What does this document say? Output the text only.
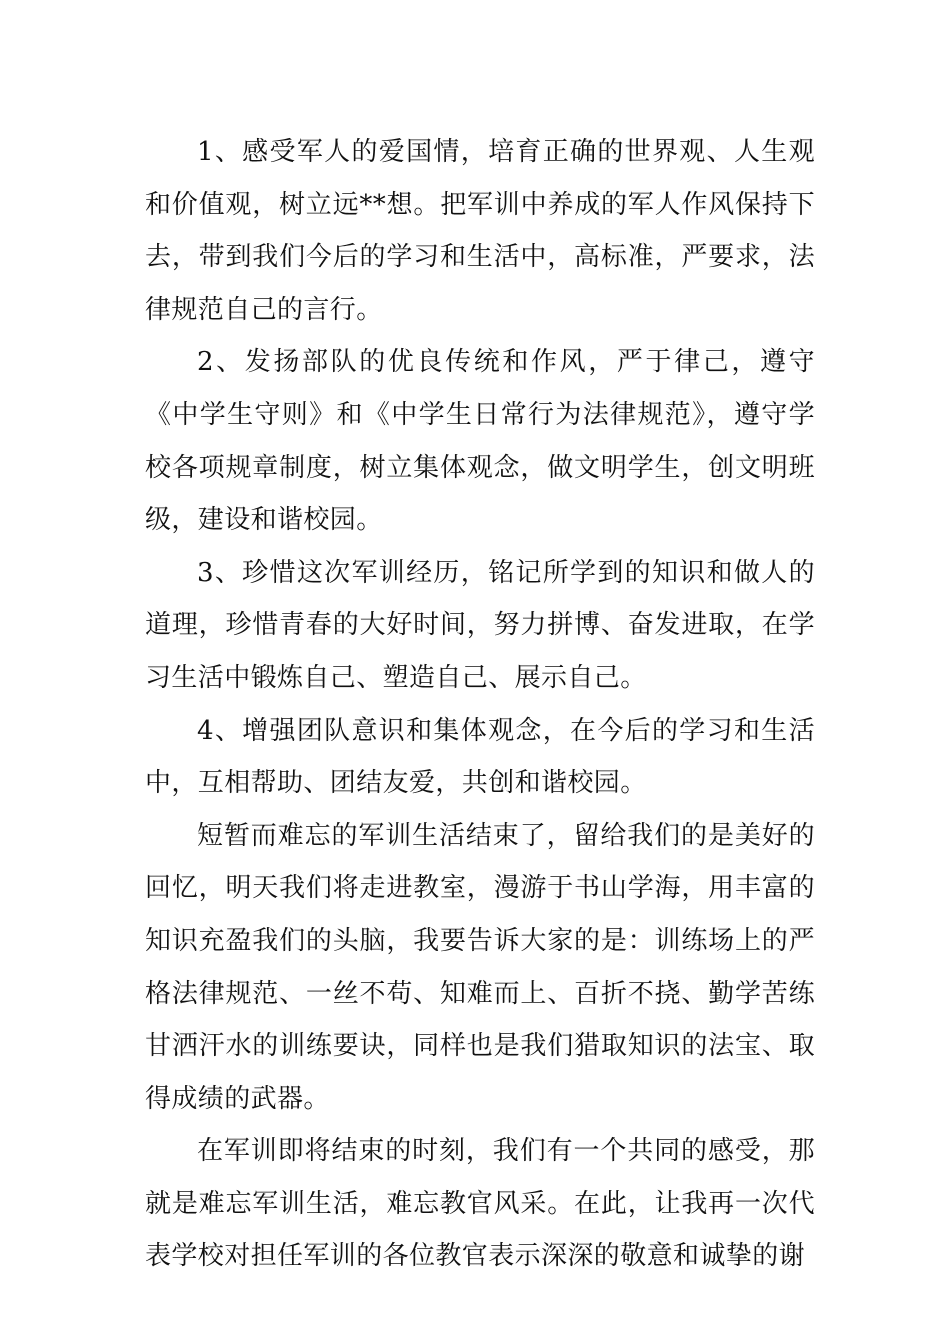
1、感受军人的爱国情，培育正确的世界观、人生观和价值观，树立远**想。把军训中养成的军人作风保持下去，带到我们今后的学习和生活中，高标准，严要求，法律规范自己的言行。

2、发扬部队的优良传统和作风，严于律己，遵守《中学生守则》和《中学生日常行为法律规范》，遵守学校各项规章制度，树立集体观念，做文明学生，创文明班级，建设和谐校园。

3、珍惜这次军训经历，铭记所学到的知识和做人的道理，珍惜青春的大好时间，努力拼博、奋发进取，在学习生活中锻炼自己、塑造自己、展示自己。

4、增强团队意识和集体观念，在今后的学习和生活中，互相帮助、团结友爱，共创和谐校园。

短暂而难忘的军训生活结束了，留给我们的是美好的回忆，明天我们将走进教室，漫游于书山学海，用丰富的知识充盈我们的头脑，我要告诉大家的是：训练场上的严格法律规范、一丝不苟、知难而上、百折不挠、勤学苦练甘洒汗水的训练要诀，同样也是我们猎取知识的法宝、取得成绩的武器。

在军训即将结束的时刻，我们有一个共同的感受，那就是难忘军训生活，难忘教官风采。在此，让我再一次代表学校对担任军训的各位教官表示深深的敬意和诚挚的谢
